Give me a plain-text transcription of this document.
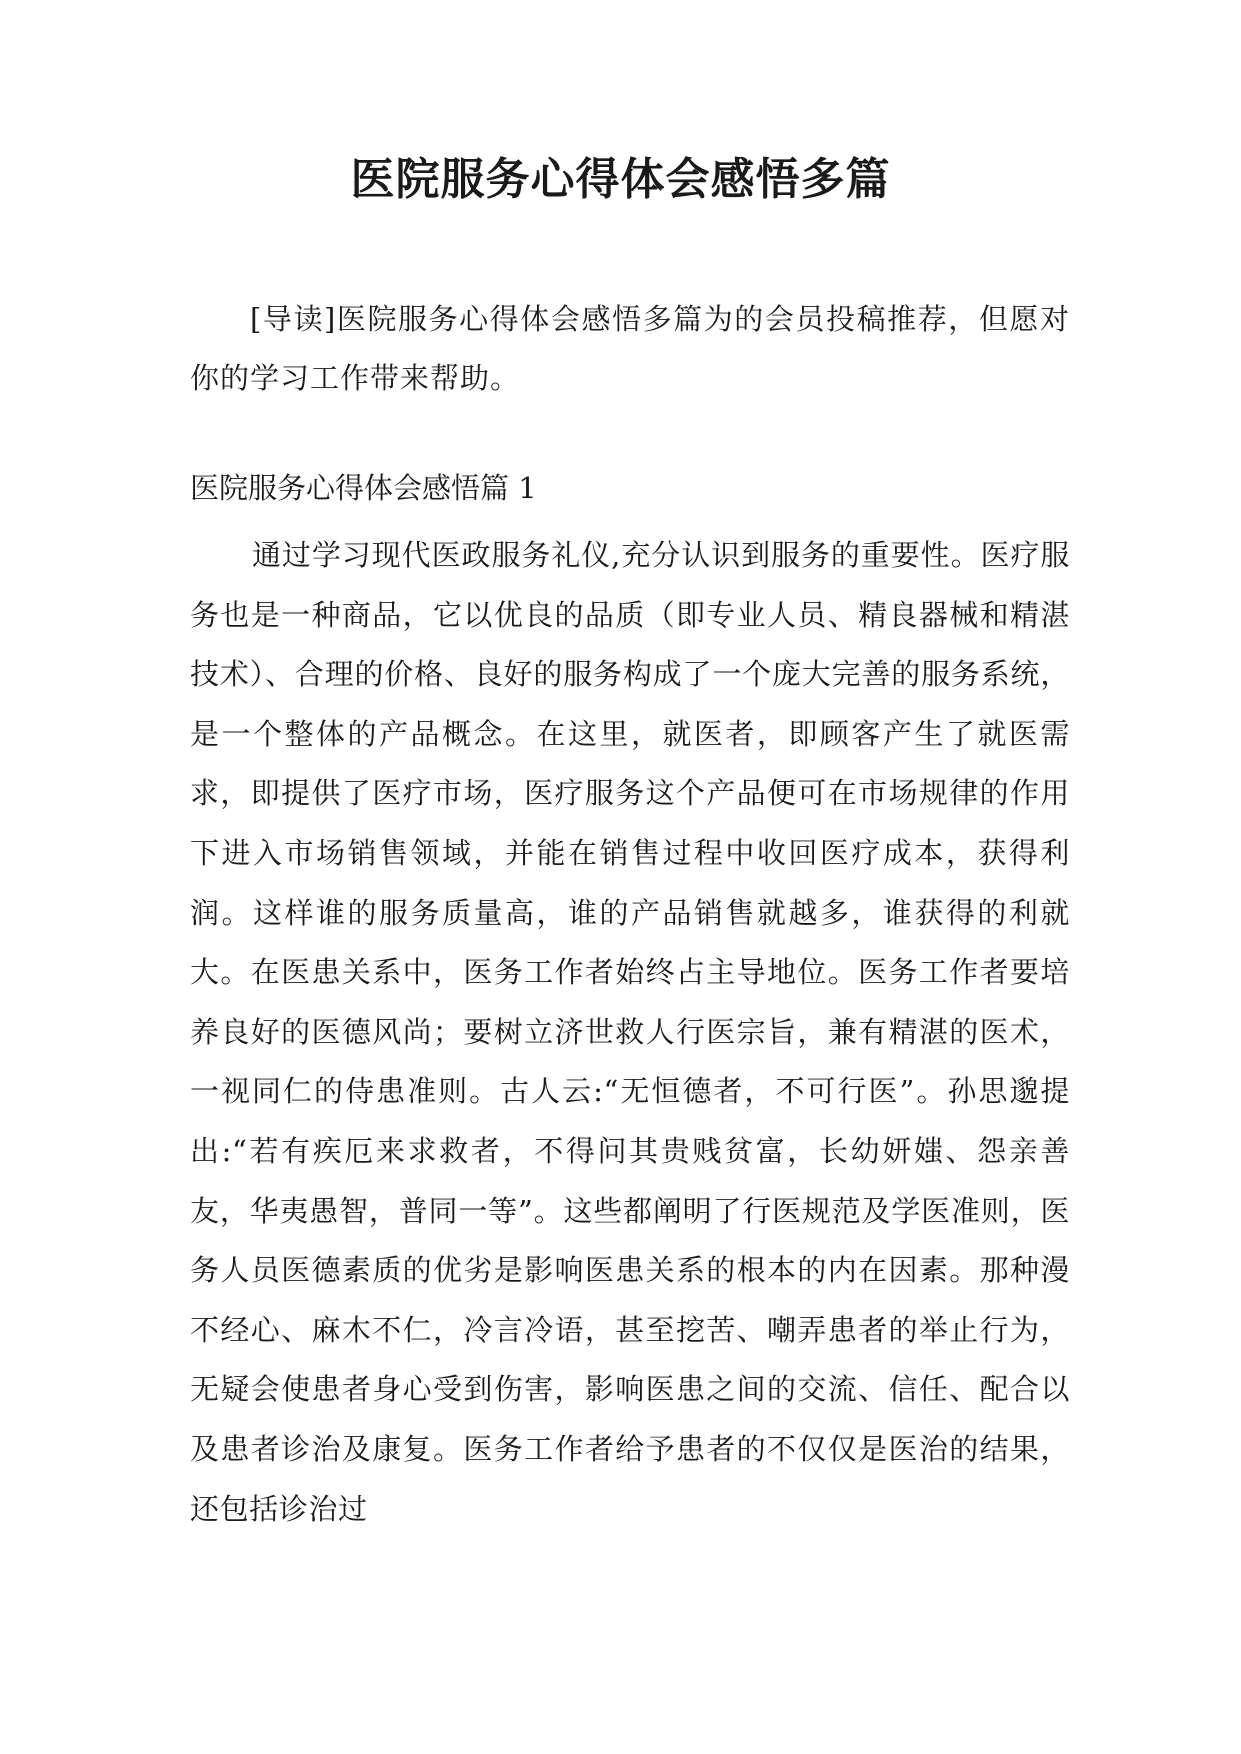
医院服务心得体会感悟多篇

[导读]医院服务心得体会感悟多篇为的会员投稿推荐，但愿对你的学习工作带来帮助。

医院服务心得体会感悟篇 1

通过学习现代医政服务礼仪,充分认识到服务的重要性。医疗服务也是一种商品，它以优良的品质（即专业人员、精良器械和精湛技术）、合理的价格、良好的服务构成了一个庞大完善的服务系统，是一个整体的产品概念。在这里，就医者，即顾客产生了就医需求，即提供了医疗市场，医疗服务这个产品便可在市场规律的作用下进入市场销售领域，并能在销售过程中收回医疗成本，获得利润。这样谁的服务质量高，谁的产品销售就越多，谁获得的利就大。在医患关系中，医务工作者始终占主导地位。医务工作者要培养良好的医德风尚；要树立济世救人行医宗旨，兼有精湛的医术，一视同仁的侍患准则。古人云:“无恒德者，不可行医”。孙思邈提出:“若有疾厄来求救者，不得问其贵贱贫富，长幼妍媸、怨亲善友，华夷愚智，普同一等”。这些都阐明了行医规范及学医准则，医务人员医德素质的优劣是影响医患关系的根本的内在因素。那种漫不经心、麻木不仁，冷言冷语，甚至挖苦、嘲弄患者的举止行为，无疑会使患者身心受到伤害，影响医患之间的交流、信任、配合以及患者诊治及康复。医务工作者给予患者的不仅仅是医治的结果，还包括诊治过
